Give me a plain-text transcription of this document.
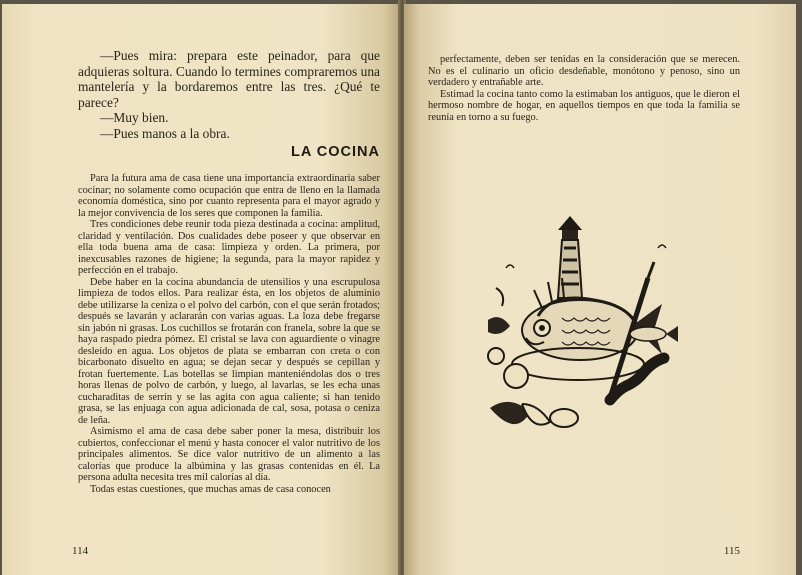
—Pues mira: prepara este peinador, para que adquieras soltura. Cuando lo termines compraremos una mantelería y la bordaremos entre las tres. ¿Qué te parece?

—Muy bien.

—Pues manos a la obra.

LA COCINA

Para la futura ama de casa tiene una importancia extraordinaria saber cocinar; no solamente como ocupación que entra de lleno en la llamada economía doméstica, sino por cuanto representa para el mayor agrado y la mejor convivencia de los seres que componen la familia.

Tres condiciones debe reunir toda pieza destinada a cocina: amplitud, claridad y ventilación. Dos cualidades debe poseer y que observar en ella toda buena ama de casa: limpieza y orden. La primera, por inexcusables razones de higiene; la segunda, para la mayor rapidez y perfección en el trabajo.

Debe haber en la cocina abundancia de utensilios y una escrupulosa limpieza de todos ellos. Para realizar ésta, en los objetos de aluminio debe utilizarse la ceniza o el polvo del carbón, con el que serán frotados; después se lavarán y aclararán con varias aguas. La loza debe fregarse sin jabón ni grasas. Los cuchillos se frotarán con franela, sobre la que se haya raspado piedra pómez. El cristal se lava con aguardiente o vinagre desleído en agua. Los objetos de plata se embarran con creta o con bicarbonato disuelto en agua; se dejan secar y después se cepillan y frotan fuertemente. Las botellas se limpian manteniéndolas dos o tres horas llenas de polvo de carbón, y luego, al lavarlas, se les echa unas cucharaditas de serrín y se las agita con agua caliente; si han tenido grasa, se las enjuaga con agua adicionada de cal, sosa, potasa o ceniza de leña.

Asimismo el ama de casa debe saber poner la mesa, distribuir los cubiertos, confeccionar el menú y hasta conocer el valor nutritivo de los principales alimentos. Se dice valor nutritivo de un alimento a las calorías que produce la albúmina y las grasas contenidas en él. La persona adulta necesita tres mil calorías al día.

Todas estas cuestiones, que muchas amas de casa conocen

114

perfectamente, deben ser tenidas en la consideración que se merecen. No es el culinario un oficio desdeñable, monótono y penoso, sino un verdadero y entrañable arte.

Estimad la cocina tanto como la estimaban los antiguos, que le dieron el hermoso nombre de hogar, en aquellos tiempos en que toda la familia se reunía en torno a su fuego.

115
